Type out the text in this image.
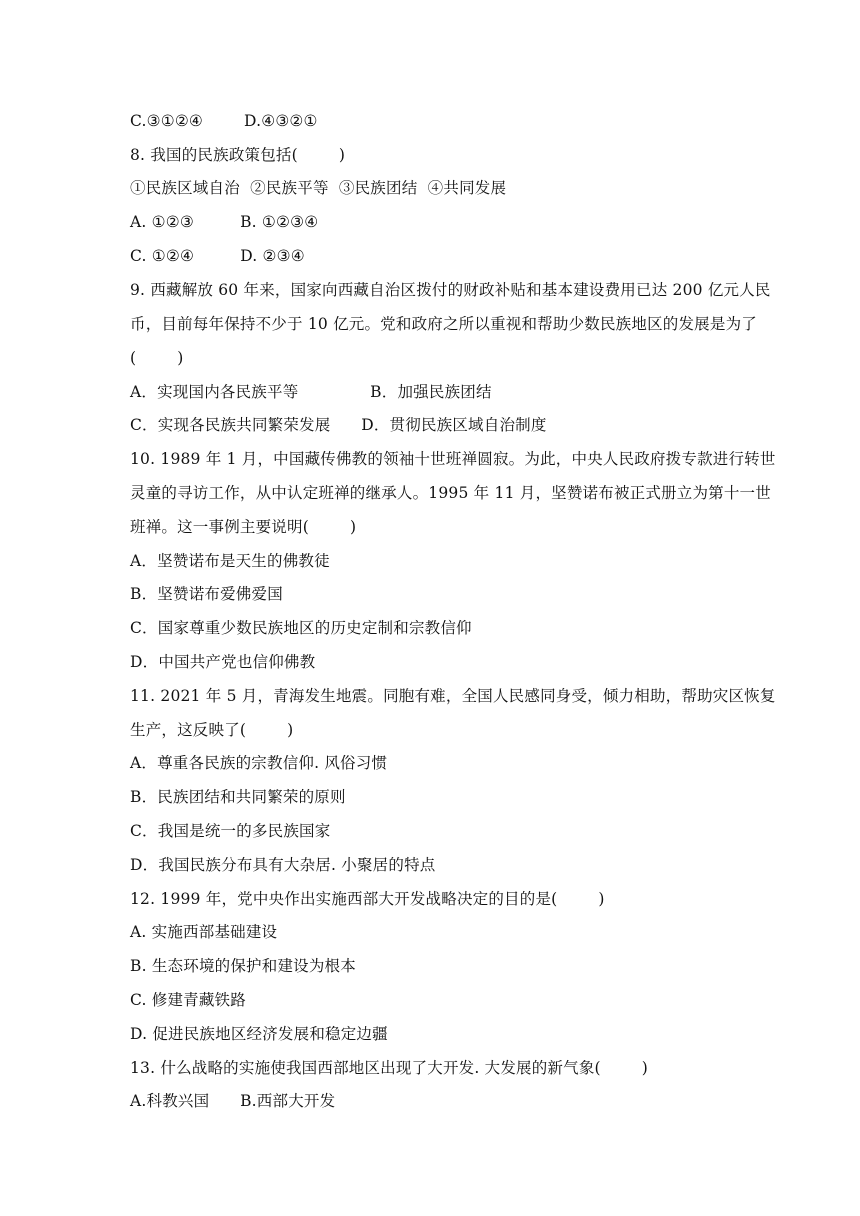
C.③①②④        D.④③②①
8. 我国的民族政策包括(        )
①民族区域自治  ②民族平等  ③民族团结  ④共同发展
A. ①②③         B. ①②③④
C. ①②④         D. ②③④
9. 西藏解放 60 年来，国家向西藏自治区拨付的财政补贴和基本建设费用已达 200 亿元人民
币，目前每年保持不少于 10 亿元。党和政府之所以重视和帮助少数民族地区的发展是为了
(        )
A．实现国内各民族平等              B．加强民族团结
C．实现各民族共同繁荣发展      D．贯彻民族区域自治制度
10. 1989 年 1 月，中国藏传佛教的领袖十世班禅圆寂。为此，中央人民政府拨专款进行转世
灵童的寻访工作，从中认定班禅的继承人。1995 年 11 月，坚赞诺布被正式册立为第十一世
班禅。这一事例主要说明(        )
A．坚赞诺布是天生的佛教徒
B．坚赞诺布爱佛爱国
C．国家尊重少数民族地区的历史定制和宗教信仰
D．中国共产党也信仰佛教
11. 2021 年 5 月，青海发生地震。同胞有难，全国人民感同身受，倾力相助，帮助灾区恢复
生产，这反映了(        )
A．尊重各民族的宗教信仰. 风俗习惯
B．民族团结和共同繁荣的原则
C．我国是统一的多民族国家
D．我国民族分布具有大杂居. 小聚居的特点
12. 1999 年，党中央作出实施西部大开发战略决定的目的是(        )
A. 实施西部基础建设
B. 生态环境的保护和建设为根本
C. 修建青藏铁路
D. 促进民族地区经济发展和稳定边疆
13. 什么战略的实施使我国西部地区出现了大开发. 大发展的新气象(        )
A.科教兴国      B.西部大开发
